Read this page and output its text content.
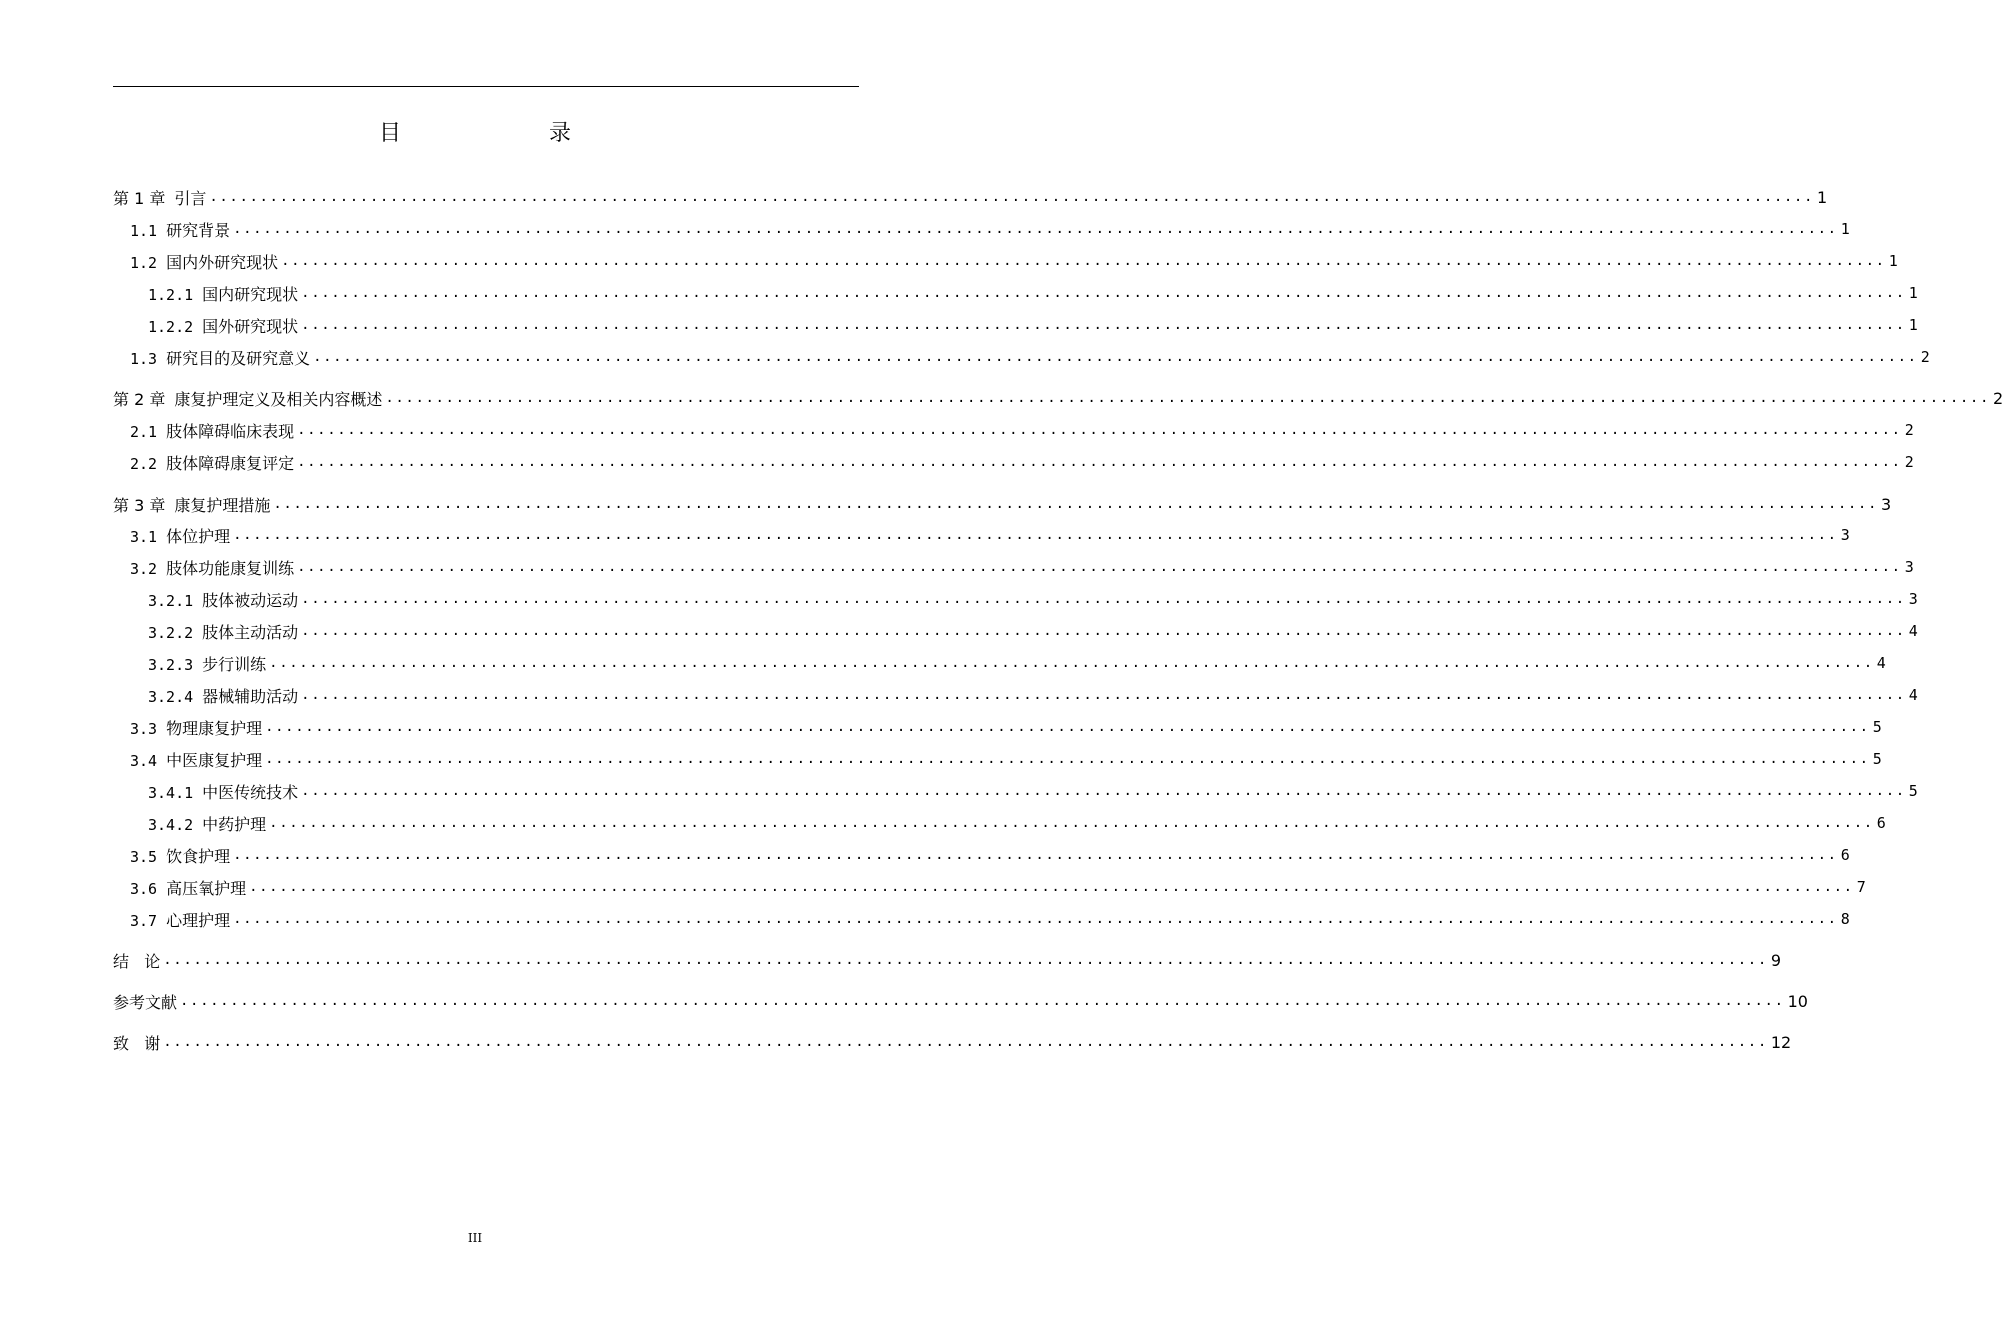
目    录
第 1 章 引言 ................................................................................................................................................................ 1
1.1 研究背景 ................................................................................................................................................................ 1
1.2 国内外研究现状 ................................................................................................................................................................ 1
1.2.1 国内研究现状 ................................................................................................................................................................ 1
1.2.2 国外研究现状 ................................................................................................................................................................ 1
1.3 研究目的及研究意义 ................................................................................................................................................................ 2
第 2 章 康复护理定义及相关内容概述 ................................................................................................................................................................ 2
2.1 肢体障碍临床表现 ................................................................................................................................................................ 2
2.2 肢体障碍康复评定 ................................................................................................................................................................ 2
第 3 章 康复护理措施 ................................................................................................................................................................ 3
3.1 体位护理 ................................................................................................................................................................ 3
3.2 肢体功能康复训练 ................................................................................................................................................................ 3
3.2.1 肢体被动运动 ................................................................................................................................................................ 3
3.2.2 肢体主动活动 ................................................................................................................................................................ 4
3.2.3 步行训练 ................................................................................................................................................................ 4
3.2.4 器械辅助活动 ................................................................................................................................................................ 4
3.3 物理康复护理 ................................................................................................................................................................ 5
3.4 中医康复护理 ................................................................................................................................................................ 5
3.4.1 中医传统技术 ................................................................................................................................................................ 5
3.4.2 中药护理 ................................................................................................................................................................ 6
3.5 饮食护理 ................................................................................................................................................................ 6
3.6 高压氧护理 ................................................................................................................................................................ 7
3.7 心理护理 ................................................................................................................................................................ 8
结   论 ................................................................................................................................................................ 9
参考文献 ................................................................................................................................................................ 10
致   谢 ................................................................................................................................................................ 12
III
